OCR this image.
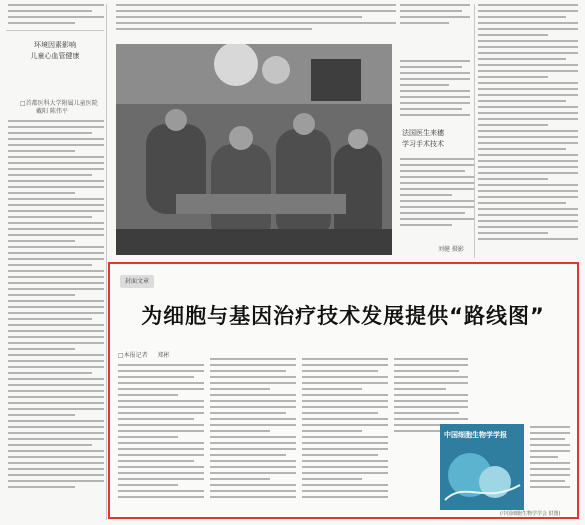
环境因素影响
儿童心血管健康
□首都医科大学附属儿童医院
戴阳 陈伟平
法国医生来穗
学习手术技术
刘健 摄影
封面文章
为细胞与基因治疗技术发展提供“路线图”
□本报记者 郑彬
中国细胞生物学学报
(中国细胞生物学学会 供图)
